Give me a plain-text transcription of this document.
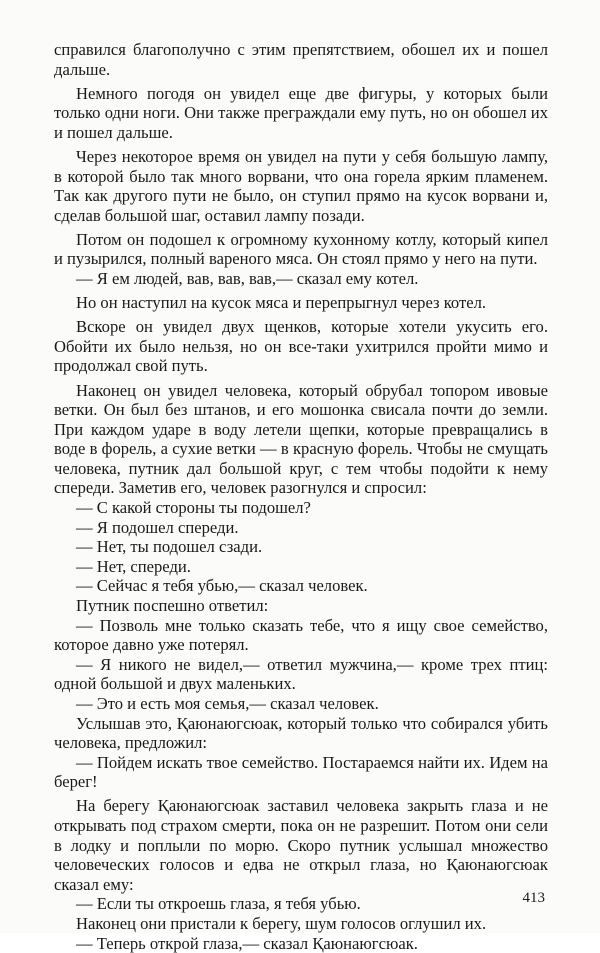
справился благополучно с этим препятствием, обошел их и пошел дальше.

Немного погодя он увидел еще две фигуры, у которых были только одни ноги. Они также преграждали ему путь, но он обошел их и пошел дальше.

Через некоторое время он увидел на пути у себя большую лампу, в которой было так много ворвани, что она горела ярким пламенем. Так как другого пути не было, он ступил прямо на кусок ворвани и, сделав большой шаг, оставил лампу позади.

Потом он подошел к огромному кухонному котлу, который кипел и пузырился, полный вареного мяса. Он стоял прямо у него на пути.

— Я ем людей, вав, вав, вав,— сказал ему котел.

Но он наступил на кусок мяса и перепрыгнул через котел.

Вскоре он увидел двух щенков, которые хотели укусить его. Обойти их было нельзя, но он все-таки ухитрился пройти мимо и продолжал свой путь.

Наконец он увидел человека, который обрубал топором ивовые ветки. Он был без штанов, и его мошонка свисала почти до земли. При каждом ударе в воду летели щепки, которые превращались в воде в форель, а сухие ветки — в красную форель. Чтобы не смущать человека, путник дал большой круг, с тем чтобы подойти к нему спереди. Заметив его, человек разогнулся и спросил:

— С какой стороны ты подошел?

— Я подошел спереди.

— Нет, ты подошел сзади.

— Нет, спереди.

— Сейчас я тебя убью,— сказал человек.

Путник поспешно ответил:

— Позволь мне только сказать тебе, что я ищу свое семейство, которое давно уже потерял.

— Я никого не видел,— ответил мужчина,— кроме трех птиц: одной большой и двух маленьких.

— Это и есть моя семья,— сказал человек.

Услышав это, Қаюнаюгсюак, который только что собирался убить человека, предложил:

— Пойдем искать твое семейство. Постараемся найти их. Идем на берег!

На берегу Қаюнаюгсюак заставил человека закрыть глаза и не открывать под страхом смерти, пока он не разрешит. Потом они сели в лодку и поплыли по морю. Скоро путник услышал множество человеческих голосов и едва не открыл глаза, но Қаюнаюгсюак сказал ему:

— Если ты откроешь глаза, я тебя убью.

Наконец они пристали к берегу, шум голосов оглушил их.

— Теперь открой глаза,— сказал Қаюнаюгсюак.

413
